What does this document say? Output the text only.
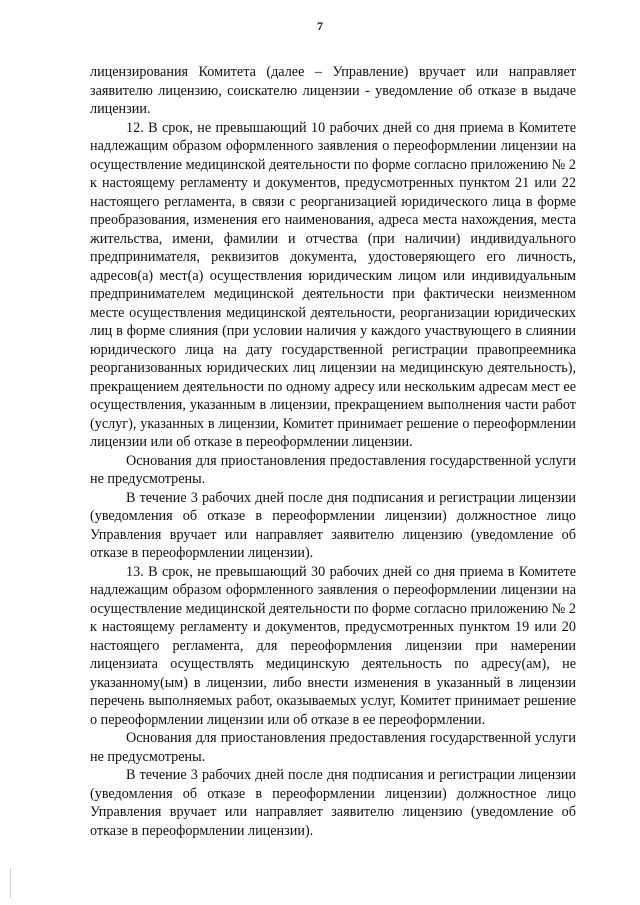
7

лицензирования Комитета (далее – Управление) вручает или направляет заявителю лицензию, соискателю лицензии - уведомление об отказе в выдаче лицензии.

12. В срок, не превышающий 10 рабочих дней со дня приема в Комитете надлежащим образом оформленного заявления о переоформлении лицензии на осуществление медицинской деятельности по форме согласно приложению № 2 к настоящему регламенту и документов, предусмотренных пунктом 21 или 22 настоящего регламента, в связи с реорганизацией юридического лица в форме преобразования, изменения его наименования, адреса места нахождения, места жительства, имени, фамилии и отчества (при наличии) индивидуального предпринимателя, реквизитов документа, удостоверяющего его личность, адресов(а) мест(а) осуществления юридическим лицом или индивидуальным предпринимателем медицинской деятельности при фактически неизменном месте осуществления медицинской деятельности, реорганизации юридических лиц в форме слияния (при условии наличия у каждого участвующего в слиянии юридического лица на дату государственной регистрации правопреемника реорганизованных юридических лиц лицензии на медицинскую деятельность), прекращением деятельности по одному адресу или нескольким адресам мест ее осуществления, указанным в лицензии, прекращением выполнения части работ (услуг), указанных в лицензии, Комитет принимает решение о переоформлении лицензии или об отказе в переоформлении лицензии.

Основания для приостановления предоставления государственной услуги не предусмотрены.

В течение 3 рабочих дней после дня подписания и регистрации лицензии (уведомления об отказе в переоформлении лицензии) должностное лицо Управления вручает или направляет заявителю лицензию (уведомление об отказе в переоформлении лицензии).

13. В срок, не превышающий 30 рабочих дней со дня приема в Комитете надлежащим образом оформленного заявления о переоформлении лицензии на осуществление медицинской деятельности по форме согласно приложению № 2 к настоящему регламенту и документов, предусмотренных пунктом 19 или 20 настоящего регламента, для переоформления лицензии при намерении лицензиата осуществлять медицинскую деятельность по адресу(ам), не указанному(ым) в лицензии, либо внести изменения в указанный в лицензии перечень выполняемых работ, оказываемых услуг, Комитет принимает решение о переоформлении лицензии или об отказе в ее переоформлении.

Основания для приостановления предоставления государственной услуги не предусмотрены.

В течение 3 рабочих дней после дня подписания и регистрации лицензии (уведомления об отказе в переоформлении лицензии) должностное лицо Управления вручает или направляет заявителю лицензию (уведомление об отказе в переоформлении лицензии).
